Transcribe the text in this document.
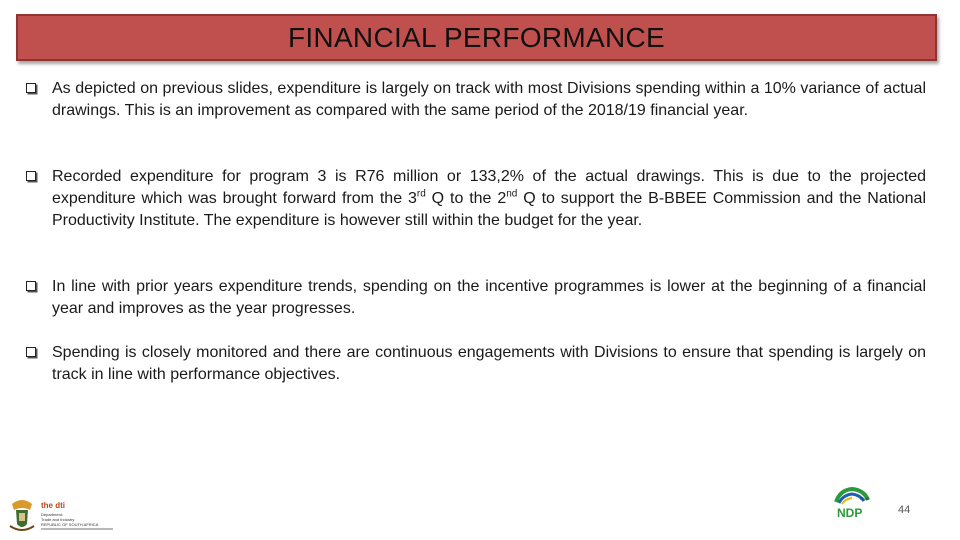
FINANCIAL PERFORMANCE
As depicted on previous slides, expenditure is largely on track with most Divisions spending within a 10% variance of actual drawings. This is an improvement as compared with the same period of the 2018/19 financial year.
Recorded expenditure for program 3 is R76 million or 133,2% of the actual drawings. This is due to the projected expenditure which was brought forward from the 3rd Q to the 2nd Q to support the B-BBEE Commission and the National Productivity Institute. The expenditure is however still within the budget for the year.
In line with prior years expenditure trends, spending on the incentive programmes is lower at the beginning of a financial year and improves as the year progresses.
Spending is closely monitored and there are continuous engagements with Divisions to ensure that spending is largely on track in line with performance objectives.
the dti
Department:
Trade and Industry
REPUBLIC OF SOUTH AFRICA
NDP
2030
44
